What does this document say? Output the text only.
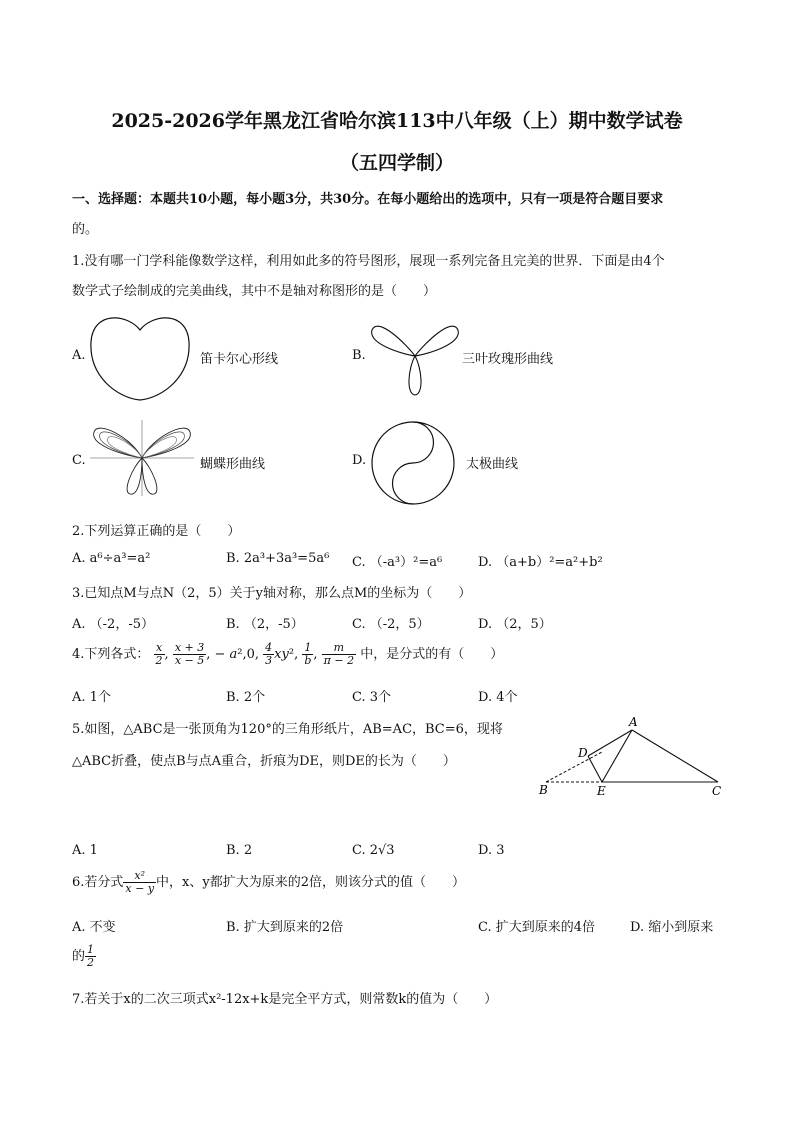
2025-2026学年黑龙江省哈尔滨113中八年级（上）期中数学试卷
（五四学制）
一、选择题：本题共10小题，每小题3分，共30分。在每小题给出的选项中，只有一项是符合题目要求
的。
1.没有哪一门学科能像数学这样，利用如此多的符号图形，展现一系列完备且完美的世界．下面是由4个
数学式子绘制成的完美曲线，其中不是轴对称图形的是（　　）
A.	笛卡尔心形线	B.	三叶玫瑰形曲线
C.	蝴蝶形曲线	D.	太极曲线
2.下列运算正确的是（　　）
A. a⁶÷a³=a²	B. 2a³+3a³=5a⁶ C. （-a³）²=a⁶	D. （a+b）²=a²+b²
3.已知点M与点N（2，5）关于y轴对称，那么点M的坐标为（　　）
A. （-2，-5）	B. （2，-5）	C. （-2，5）	D. （2，5）
4.下列各式： $\frac{x}{2}$ , $\frac{x + 3}{x - 5}$ , − a²,0, $\frac{4}{3} xy^2$, $\frac{1}{b}$ , $\frac{m}{\pi - 2}$ 中，是分式的有（　　）
A. 1个	B. 2个	C. 3个	D. 4个
5.如图，△ABC是一张顶角为120°的三角形纸片，AB=AC，BC=6，现将
△ABC折叠，使点B与点A重合，折痕为DE，则DE的长为（　　）
A
D
B	E	C
A. 1	B. 2	C. 2√3	D. 3
6.若分式 $\frac{\text{x²}}{x - y}$ 中，x、y都扩大为原来的2倍，则该分式的值（　　）
A. 不变	B. 扩大到原来的2倍	C. 扩大到原来的4倍	D. 缩小到原来
的 $\frac{1}{2}$
7.若关于x的二次三项式x²-12x+k是完全平方式，则常数k的值为（　　）
